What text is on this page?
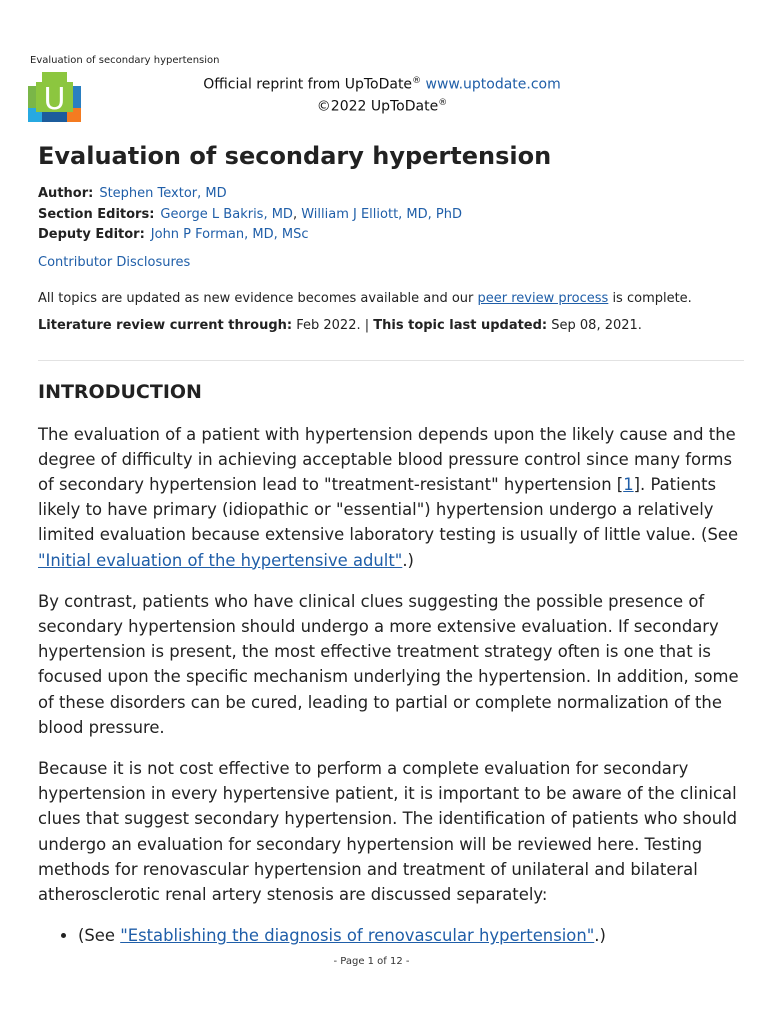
Evaluation of secondary hypertension
U	Official reprint from UpToDate® www.uptodate.com
©2022 UpToDate®
Evaluation of secondary hypertension
Author: Stephen Textor, MD
Section Editors: George L Bakris, MD, William J Elliott, MD, PhD
Deputy Editor: John P Forman, MD, MSc
Contributor Disclosures
All topics are updated as new evidence becomes available and our peer review process is complete.
Literature review current through: Feb 2022. | This topic last updated: Sep 08, 2021.
INTRODUCTION

The evaluation of a patient with hypertension depends upon the likely cause and the degree of difficulty in achieving acceptable blood pressure control since many forms of secondary hypertension lead to "treatment-resistant" hypertension [1]. Patients likely to have primary (idiopathic or "essential") hypertension undergo a relatively limited evaluation because extensive laboratory testing is usually of little value. (See "Initial evaluation of the hypertensive adult".)

By contrast, patients who have clinical clues suggesting the possible presence of secondary hypertension should undergo a more extensive evaluation. If secondary hypertension is present, the most effective treatment strategy often is one that is focused upon the specific mechanism underlying the hypertension. In addition, some of these disorders can be cured, leading to partial or complete normalization of the blood pressure.

Because it is not cost effective to perform a complete evaluation for secondary hypertension in every hypertensive patient, it is important to be aware of the clinical clues that suggest secondary hypertension. The identification of patients who should undergo an evaluation for secondary hypertension will be reviewed here. Testing methods for renovascular hypertension and treatment of unilateral and bilateral atherosclerotic renal artery stenosis are discussed separately:

• (See "Establishing the diagnosis of renovascular hypertension".)
- Page 1 of 12 -
